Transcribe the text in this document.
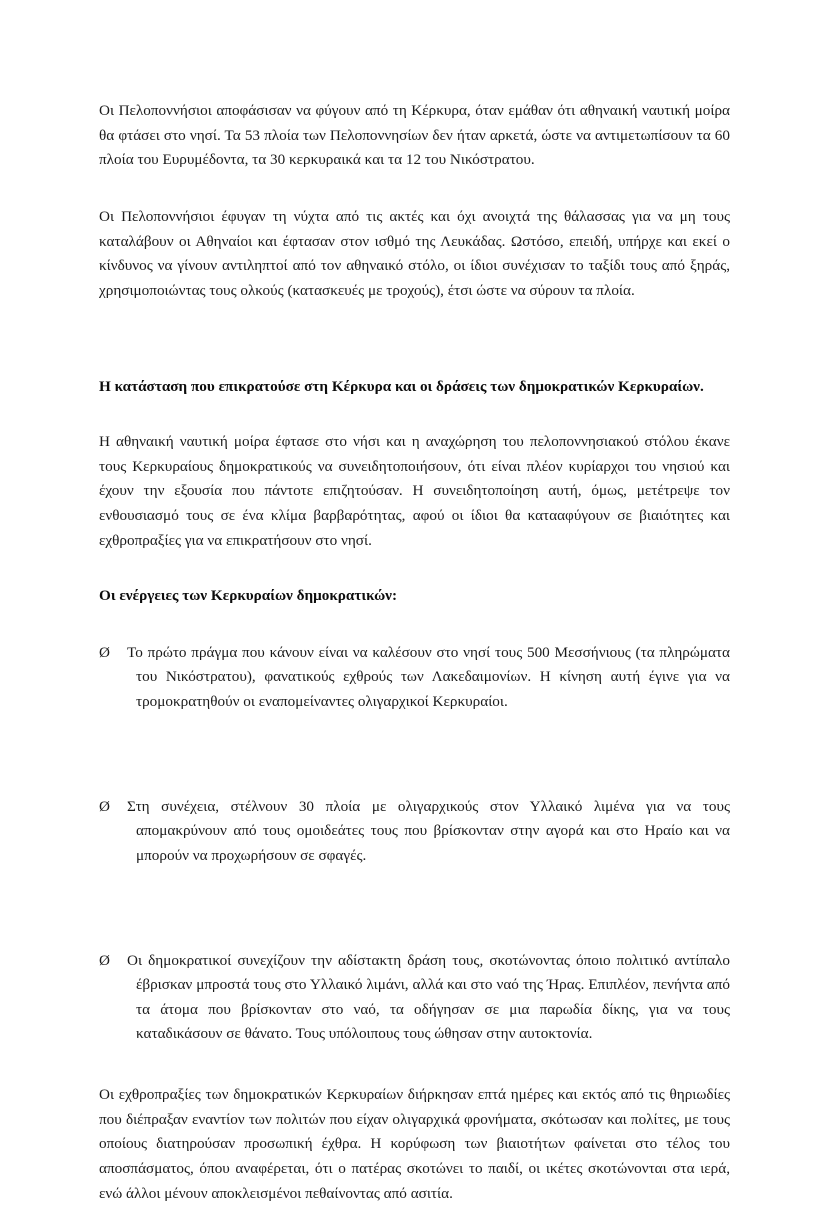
Οι Πελοποννήσιοι αποφάσισαν να φύγουν από τη Κέρκυρα, όταν εμάθαν ότι αθηναική ναυτική μοίρα θα φτάσει στο νησί. Τα 53 πλοία των Πελοποννησίων δεν ήταν αρκετά, ώστε να αντιμετωπίσουν τα 60 πλοία του Ευρυμέδοντα, τα 30 κερκυραικά και τα 12 του Νικόστρατου.

Οι Πελοποννήσιοι έφυγαν τη νύχτα από τις ακτές και όχι ανοιχτά της θάλασσας για να μη τους καταλάβουν οι Αθηναίοι και έφτασαν στον ισθμό της Λευκάδας. Ωστόσο, επειδή, υπήρχε και εκεί ο κίνδυνος να γίνουν αντιληπτοί από τον αθηναικό στόλο, οι ίδιοι συνέχισαν το ταξίδι τους από ξηράς, χρησιμοποιώντας τους ολκούς (κατασκευές με τροχούς), έτσι ώστε να σύρουν τα πλοία.

Η κατάσταση που επικρατούσε στη Κέρκυρα και οι δράσεις των δημοκρατικών Κερκυραίων.

Η αθηναική ναυτική μοίρα έφτασε στο νήσι και η αναχώρηση του πελοποννησιακού στόλου έκανε τους Κερκυραίους δημοκρατικούς να συνειδητοποιήσουν, ότι είναι πλέον κυρίαρχοι του νησιού και έχουν την εξουσία που πάντοτε επιζητούσαν. Η συνειδητοποίηση αυτή, όμως, μετέτρεψε τον ενθουσιασμό τους σε ένα κλίμα βαρβαρότητας, αφού οι ίδιοι θα κατααφύγουν σε βιαιότητες και εχθροπραξίες για να επικρατήσουν στο νησί.

Οι ενέργειες των Κερκυραίων δημοκρατικών:

Ø	Το πρώτο πράγμα που κάνουν είναι να καλέσουν στο νησί τους 500 Μεσσήνιους (τα πληρώματα του Νικόστρατου), φανατικούς εχθρούς των Λακεδαιμονίων. Η κίνηση αυτή έγινε για να τρομοκρατηθούν οι εναπομείναντες ολιγαρχικοί Κερκυραίοι.
Ø	Στη συνέχεια, στέλνουν 30 πλοία με ολιγαρχικούς στον Υλλαικό λιμένα για να τους απομακρύνουν από τους ομοιδεάτες τους που βρίσκονταν στην αγορά και στο Ηραίο και να μπορούν να προχωρήσουν σε σφαγές.
Ø	Οι δημοκρατικοί συνεχίζουν την αδίστακτη δράση τους, σκοτώνοντας όποιο πολιτικό αντίπαλο έβρισκαν μπροστά τους στο Υλλαικό λιμάνι, αλλά και στο ναό της Ήρας. Επιπλέον, πενήντα από τα άτομα που βρίσκονταν στο ναό, τα οδήγησαν σε μια παρωδία δίκης, για να τους καταδικάσουν σε θάνατο. Τους υπόλοιπους τους ώθησαν στην αυτοκτονία.

Οι εχθροπραξίες των δημοκρατικών Κερκυραίων διήρκησαν επτά ημέρες και εκτός από τις θηριωδίες που διέπραξαν εναντίον των πολιτών που είχαν ολιγαρχικά φρονήματα, σκότωσαν και πολίτες, με τους οποίους διατηρούσαν προσωπική έχθρα. Η κορύφωση των βιαιοτήτων φαίνεται στο τέλος του αποσπάσματος, όπου αναφέρεται, ότι ο πατέρας σκοτώνει το παιδί, οι ικέτες σκοτώνονται στα ιερά, ενώ άλλοι μένουν αποκλεισμένοι πεθαίνοντας από ασιτία.
